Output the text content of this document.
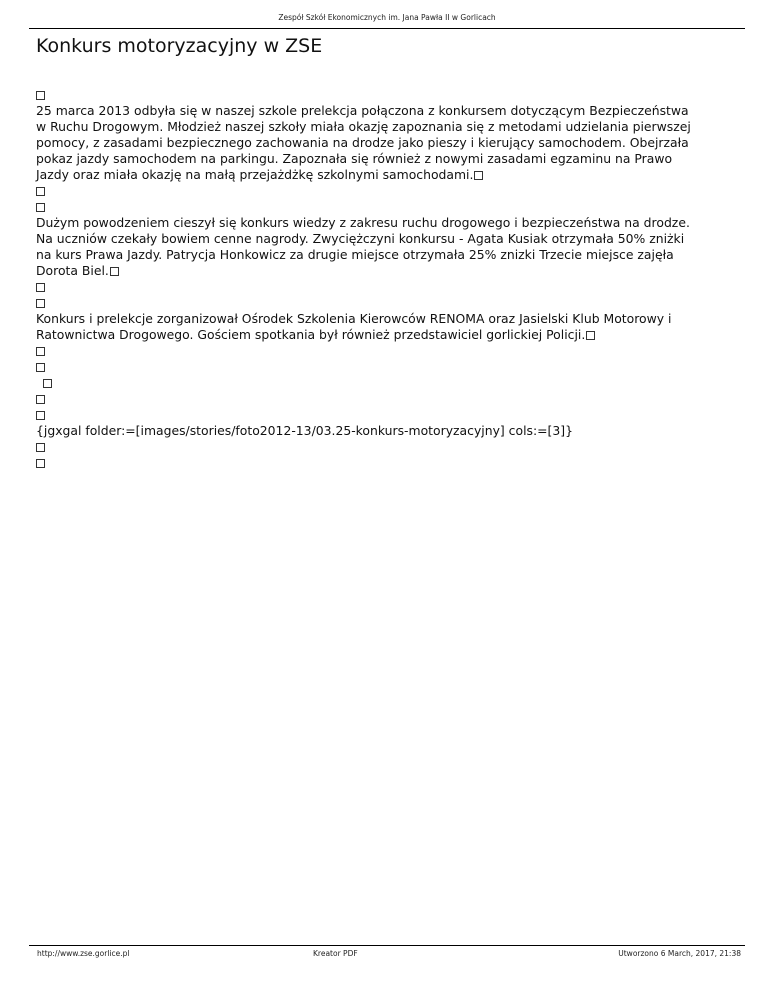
Zespół Szkół Ekonomicznych im. Jana Pawła II w Gorlicach
Konkurs motoryzacyjny w ZSE
25 marca 2013 odbyła się w naszej szkole prelekcja połączona z konkursem dotyczącym Bezpieczeństwa
w Ruchu Drogowym. Młodzież naszej szkoły miała okazję zapoznania się z metodami udzielania pierwszej
pomocy, z zasadami bezpiecznego zachowania na drodze jako pieszy i kierujący samochodem. Obejrzała
pokaz jazdy samochodem na parkingu. Zapoznała się również z nowymi zasadami egzaminu na Prawo
Jazdy oraz miała okazję na małą przejażdżkę szkolnymi samochodami.
Dużym powodzeniem cieszył się konkurs wiedzy z zakresu ruchu drogowego i bezpieczeństwa na drodze.
Na uczniów czekały bowiem cenne nagrody. Zwyciężczyni konkursu - Agata Kusiak otrzymała 50% zniżki
na kurs Prawa Jazdy. Patrycja Honkowicz za drugie miejsce otrzymała 25% znizki Trzecie miejsce zajęła
Dorota Biel.
Konkurs i prelekcje zorganizował Ośrodek Szkolenia Kierowców RENOMA oraz Jasielski Klub Motorowy i
Ratownictwa Drogowego. Gościem spotkania był również przedstawiciel gorlickiej Policji.
{jgxgal folder:=[images/stories/foto2012-13/03.25-konkurs-motoryzacyjny] cols:=[3]}
http://www.zse.gorlice.pl	Kreator PDF	Utworzono 6 March, 2017, 21:38
